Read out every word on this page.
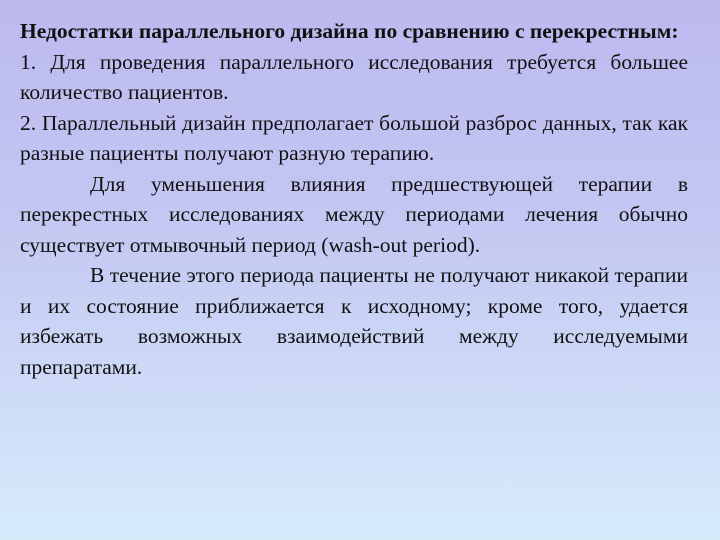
Недостатки параллельного дизайна по сравнению с перекрестным:

1. Для проведения параллельного исследования требуется большее количество пациентов.

2. Параллельный дизайн предполагает большой разброс данных, так как разные пациенты получают разную терапию.

Для уменьшения влияния предшествующей терапии в перекрестных исследованиях между периодами лечения обычно существует отмывочный период (wash-out period).

В течение этого периода пациенты не получают никакой терапии и их состояние приближается к исходному; кроме того, удается избежать возможных взаимодействий между исследуемыми препаратами.
